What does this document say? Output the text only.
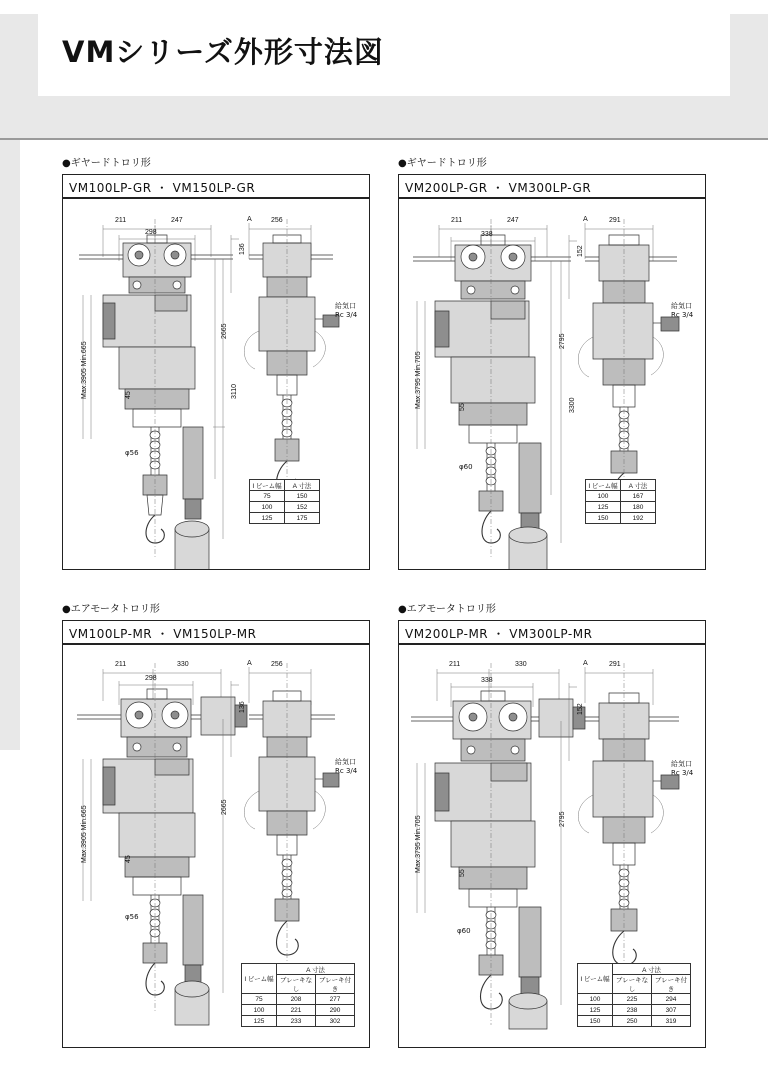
VMシリーズ外形寸法図
●ギヤードトロリ形
VM100LP-GR ・ VM150LP-GR
211	247
298
A	256
136
2665
3110
Max.3905 Min.665	45
φ56
給気口
Rc 3/4
I ビーム幅	A 寸法
75	150
100	152
125	175
●ギヤードトロリ形
VM200LP-GR ・ VM300LP-GR
211	247
338
A	291
152
2795
3300
Max.3795 Min.705	55
φ60
給気口
Rc 3/4
I ビーム幅	A 寸法
100	167
125	180
150	192
●エアモータトロリ形
VM100LP-MR ・ VM150LP-MR
211	330
298
A	256
136
2665
Max.3905 Min.665	45
φ56
給気口
Rc 3/4
I ビーム幅	A 寸法	
	ブレーキなし	ブレーキ付き
75	208	277
100	221	290
125	233	302
●エアモータトロリ形
VM200LP-MR ・ VM300LP-MR
211	330
338
A	291
152
2795
Max.3795 Min.705
55
φ60
給気口
Rc 3/4
I ビーム幅	A 寸法	
	ブレーキなし	ブレーキ付き
100	225	294
125	238	307
150	250	319
